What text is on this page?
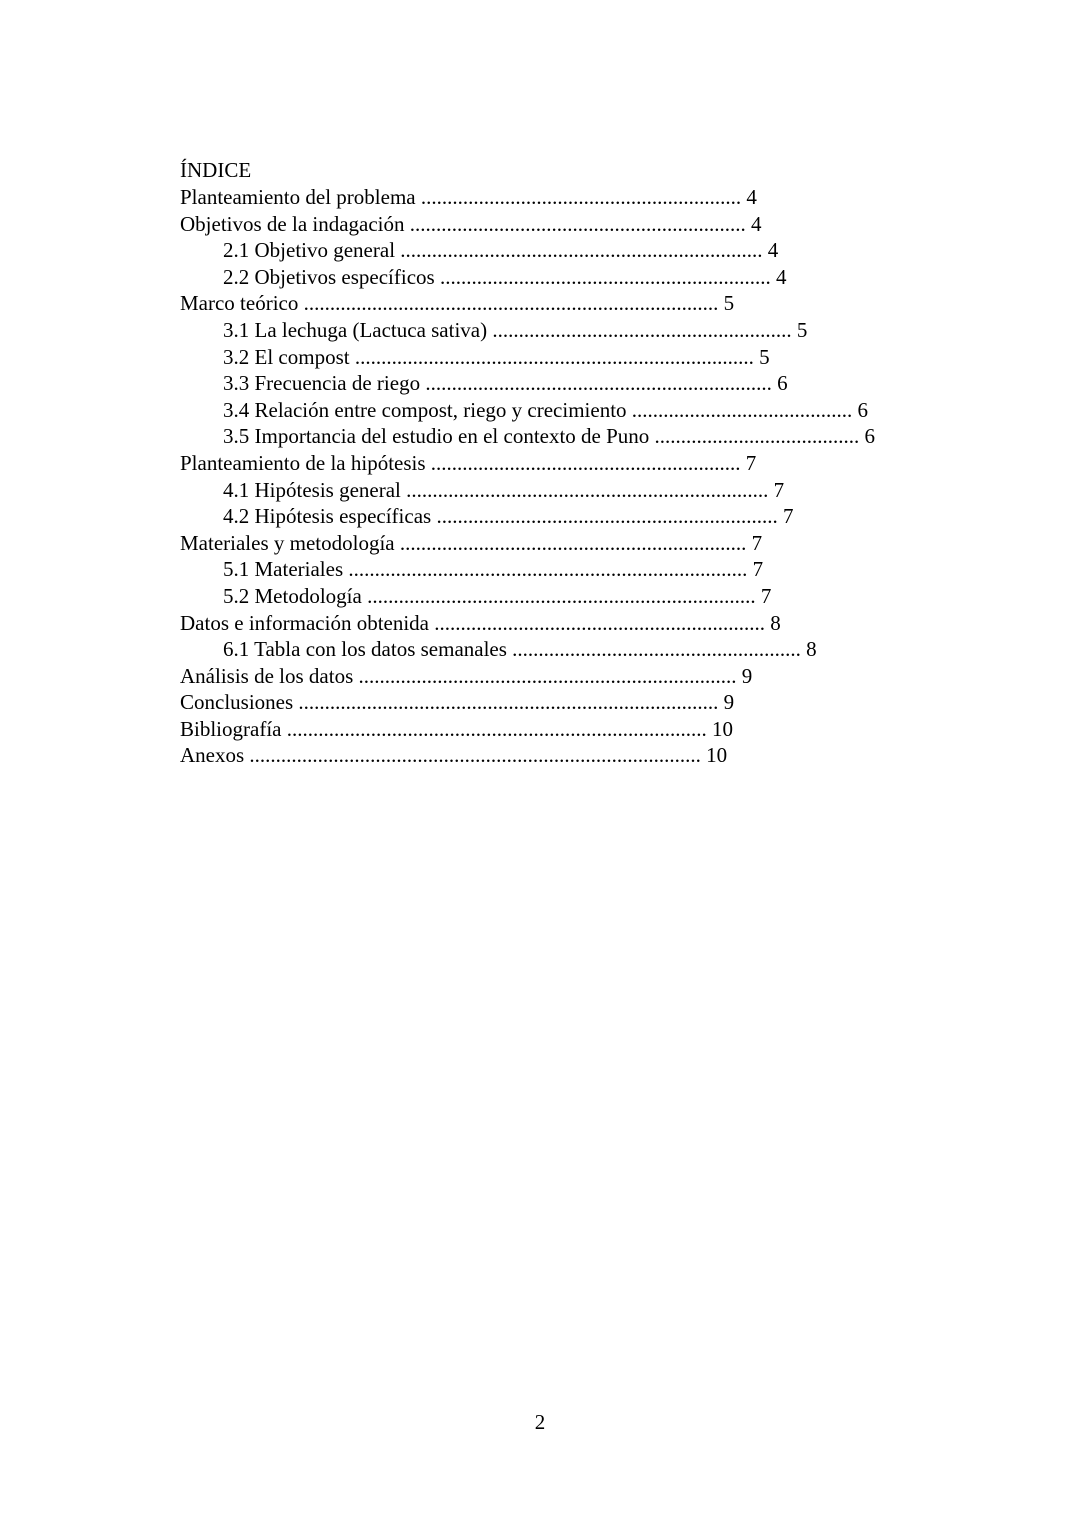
ÍNDICE
Planteamiento del problema ............................................................. 4
Objetivos de la indagación ................................................................ 4
2.1 Objetivo general ..................................................................... 4
2.2 Objetivos específicos ............................................................... 4
Marco teórico ............................................................................... 5
3.1 La lechuga (Lactuca sativa) ......................................................... 5
3.2 El compost ............................................................................ 5
3.3 Frecuencia de riego .................................................................. 6
3.4 Relación entre compost, riego y crecimiento .......................................... 6
3.5 Importancia del estudio en el contexto de Puno ....................................... 6
Planteamiento de la hipótesis ........................................................... 7
4.1 Hipótesis general ..................................................................... 7
4.2 Hipótesis específicas ................................................................. 7
Materiales y metodología .................................................................. 7
5.1 Materiales ............................................................................ 7
5.2 Metodología .......................................................................... 7
Datos e información obtenida ............................................................... 8
6.1 Tabla con los datos semanales ....................................................... 8
Análisis de los datos ........................................................................ 9
Conclusiones ................................................................................ 9
Bibliografía ................................................................................ 10
Anexos ...................................................................................... 10
2
